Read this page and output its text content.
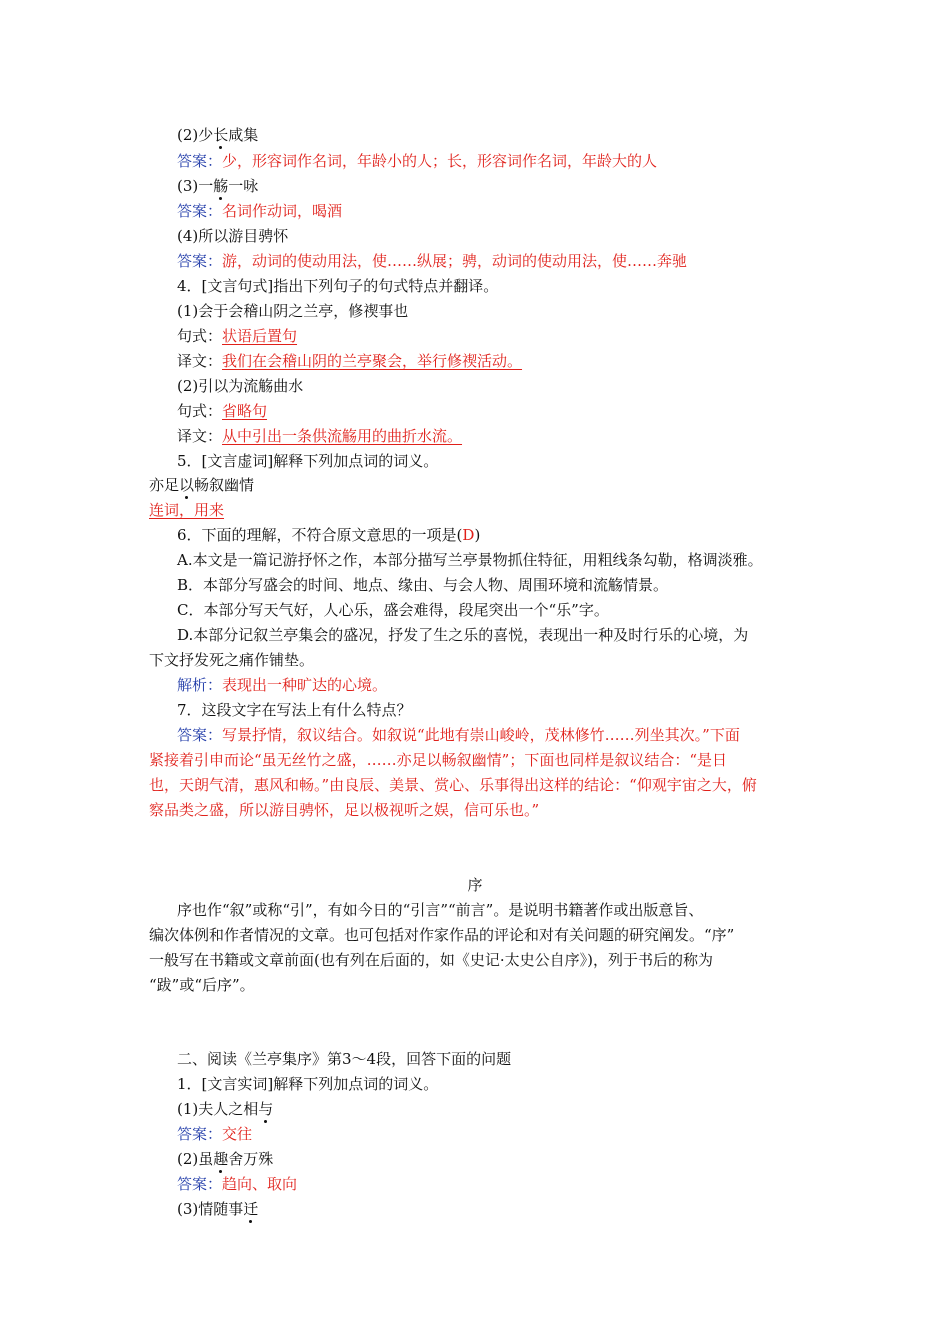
(2)少长咸集
答案：少，形容词作名词，年龄小的人；长，形容词作名词，年龄大的人
(3)一觞一咏
答案：名词作动词，喝酒
(4)所以游目骋怀
答案：游，动词的使动用法，使……纵展；骋，动词的使动用法，使……奔驰
4．[文言句式]指出下列句子的句式特点并翻译。
(1)会于会稽山阴之兰亭，修禊事也
句式：状语后置句
译文：我们在会稽山阴的兰亭聚会，举行修禊活动。
(2)引以为流觞曲水
句式：省略句
译文：从中引出一条供流觞用的曲折水流。
5．[文言虚词]解释下列加点词的词义。
亦足以畅叙幽情
连词，用来
6．下面的理解，不符合原文意思的一项是(D)
A.本文是一篇记游抒怀之作，本部分描写兰亭景物抓住特征，用粗线条勾勒，格调淡雅。
B．本部分写盛会的时间、地点、缘由、与会人物、周围环境和流觞情景。
C．本部分写天气好，人心乐，盛会难得，段尾突出一个“乐”字。
D.本部分记叙兰亭集会的盛况，抒发了生之乐的喜悦，表现出一种及时行乐的心境，为
下文抒发死之痛作铺垫。
解析：表现出一种旷达的心境。
7．这段文字在写法上有什么特点？
答案：写景抒情，叙议结合。如叙说“此地有崇山峻岭，茂林修竹……列坐其次。”下面
紧接着引申而论“虽无丝竹之盛，……亦足以畅叙幽情”；下面也同样是叙议结合：“是日
也，天朗气清，惠风和畅。”由良辰、美景、赏心、乐事得出这样的结论：“仰观宇宙之大，俯
察品类之盛，所以游目骋怀，足以极视听之娱，信可乐也。”
序
序也作“叙”或称“引”，有如今日的“引言”“前言”。是说明书籍著作或出版意旨、
编次体例和作者情况的文章。也可包括对作家作品的评论和对有关问题的研究阐发。“序”
一般写在书籍或文章前面(也有列在后面的，如《史记·太史公自序》)，列于书后的称为
“跋”或“后序”。
二、阅读《兰亭集序》第3～4段，回答下面的问题
1．[文言实词]解释下列加点词的词义。
(1)夫人之相与
答案：交往
(2)虽趣舍万殊
答案：趋向、取向
(3)情随事迁
